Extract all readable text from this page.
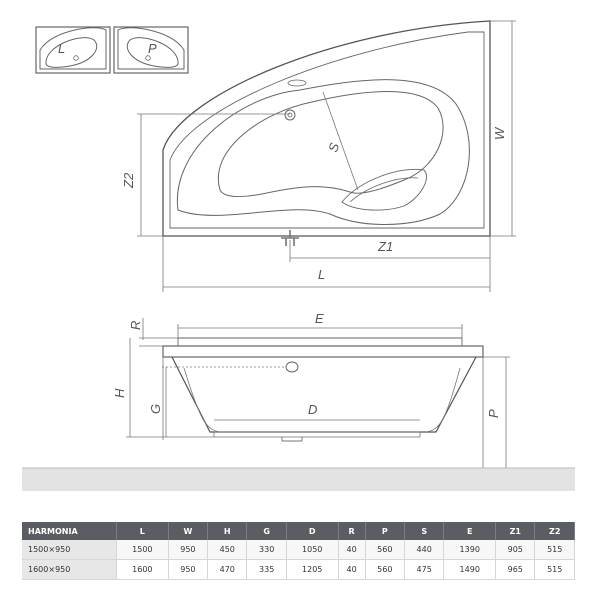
L	P
W
S
Z2
Z1
L
R	E
H
G	D	P
HARMONIA	L	W	H	G	D	R	P	S	E	Z1	Z2
1500×950	1500	950	450	330	1050	40	560	440	1390	905	515
1600×950	1600	950	470	335	1205	40	560	475	1490	965	515
